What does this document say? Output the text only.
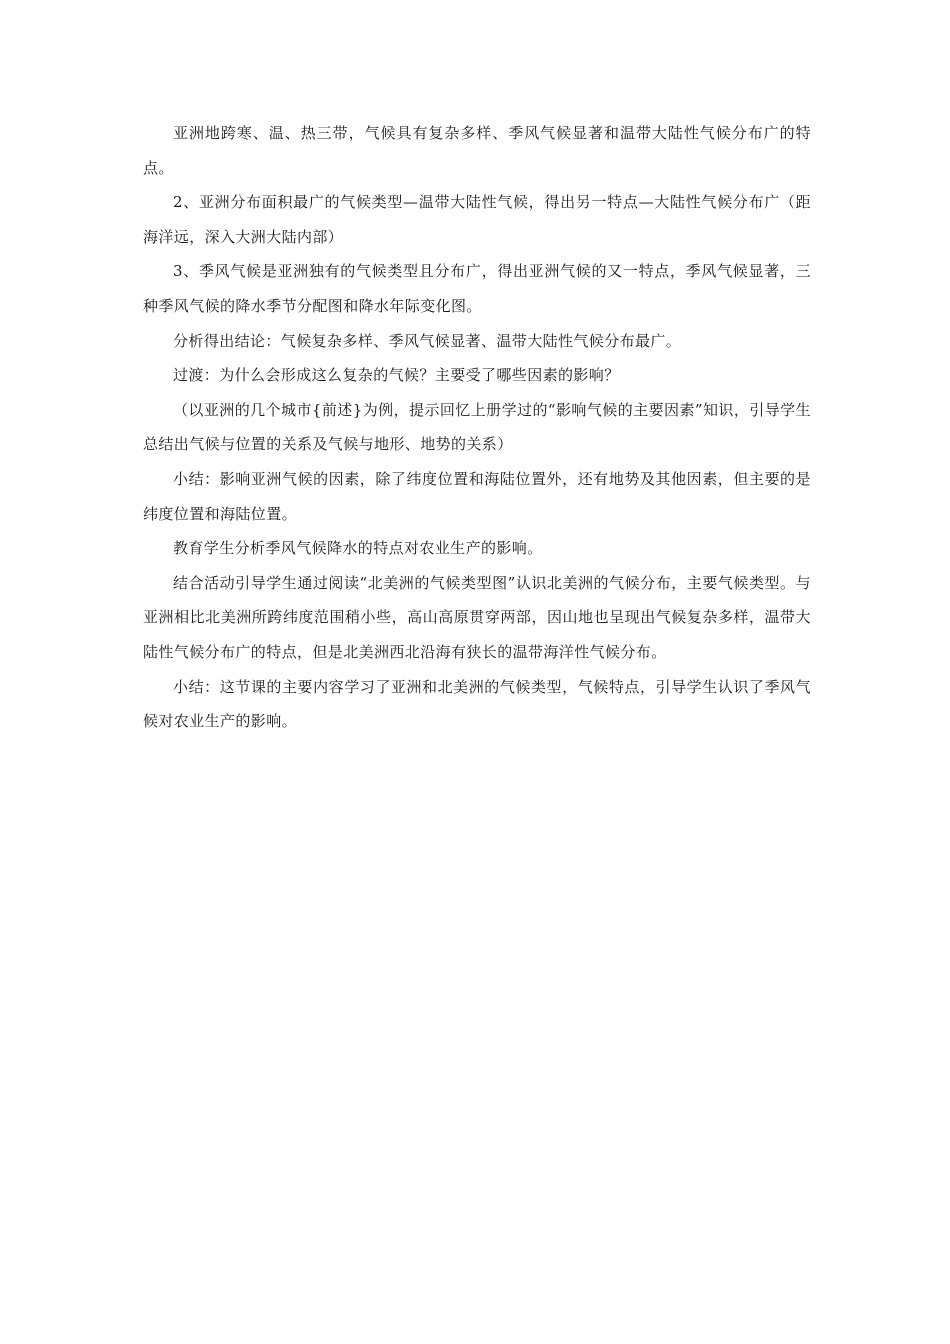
亚洲地跨寒、温、热三带，气候具有复杂多样、季风气候显著和温带大陆性气候分布广的特点。

2、亚洲分布面积最广的气候类型—温带大陆性气候，得出另一特点—大陆性气候分布广（距海洋远，深入大洲大陆内部）

3、季风气候是亚洲独有的气候类型且分布广，得出亚洲气候的又一特点，季风气候显著，三种季风气候的降水季节分配图和降水年际变化图。

分析得出结论：气候复杂多样、季风气候显著、温带大陆性气候分布最广。

过渡：为什么会形成这么复杂的气候？主要受了哪些因素的影响？

（以亚洲的几个城市{前述}为例，提示回忆上册学过的“影响气候的主要因素”知识，引导学生总结出气候与位置的关系及气候与地形、地势的关系）

小结：影响亚洲气候的因素，除了纬度位置和海陆位置外，还有地势及其他因素，但主要的是纬度位置和海陆位置。

教育学生分析季风气候降水的特点对农业生产的影响。

结合活动引导学生通过阅读“北美洲的气候类型图”认识北美洲的气候分布，主要气候类型。与亚洲相比北美洲所跨纬度范围稍小些，高山高原贯穿两部，因山地也呈现出气候复杂多样，温带大陆性气候分布广的特点，但是北美洲西北沿海有狭长的温带海洋性气候分布。

小结：这节课的主要内容学习了亚洲和北美洲的气候类型，气候特点，引导学生认识了季风气候对农业生产的影响。
